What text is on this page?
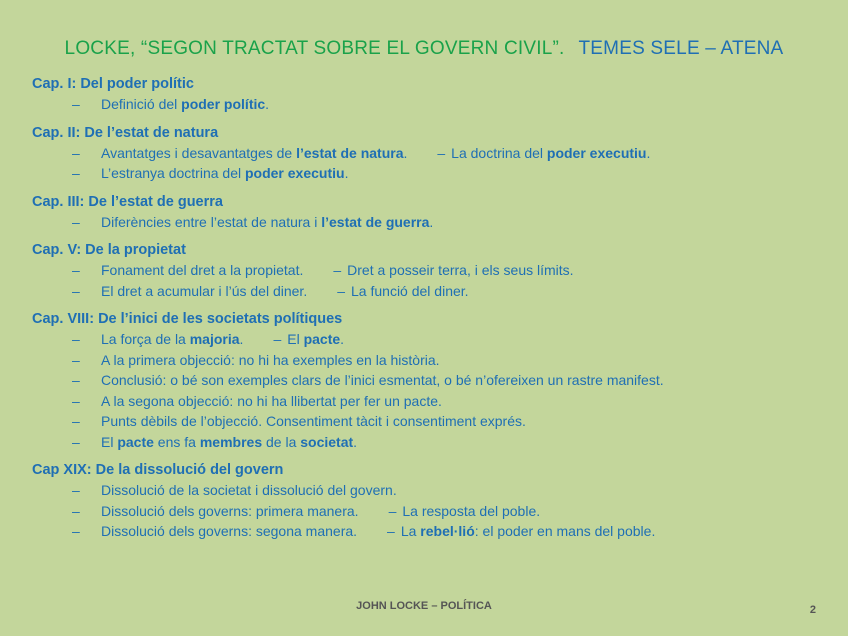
LOCKE, “SEGON TRACTAT SOBRE EL GOVERN CIVIL”. TEMES SELE – ATENA
Cap. I: Del poder polític
– Definició del poder polític.
Cap. II: De l’estat de natura
– Avantatges i desavantatges de l’estat de natura. – La doctrina del poder executiu.
– L’estranya doctrina del poder executiu.
Cap. III: De l’estat de guerra
– Diferències entre l’estat de natura i l’estat de guerra.
Cap. V: De la propietat
– Fonament del dret a la propietat. – Dret a posseir terra, i els seus límits.
– El dret a acumular i l’ús del diner. – La funció del diner.
Cap. VIII: De l’inici de les societats polítiques
– La força de la majoria. – El pacte.
– A la primera objecció: no hi ha exemples en la història.
– Conclusió: o bé son exemples clars de l’inici esmentat, o bé n’ofereixen un rastre manifest.
– A la segona objecció: no hi ha llibertat per fer un pacte.
– Punts dèbils de l’objecció. Consentiment tàcit i consentiment exprés.
– El pacte ens fa membres de la societat.
Cap XIX: De la dissolució del govern
– Dissolució de la societat i dissolució del govern.
– Dissolució dels governs: primera manera. – La resposta del poble.
– Dissolució dels governs: segona manera. – La rebel·lió: el poder en mans del poble.
JOHN LOCKE – POLÍTICA	2
